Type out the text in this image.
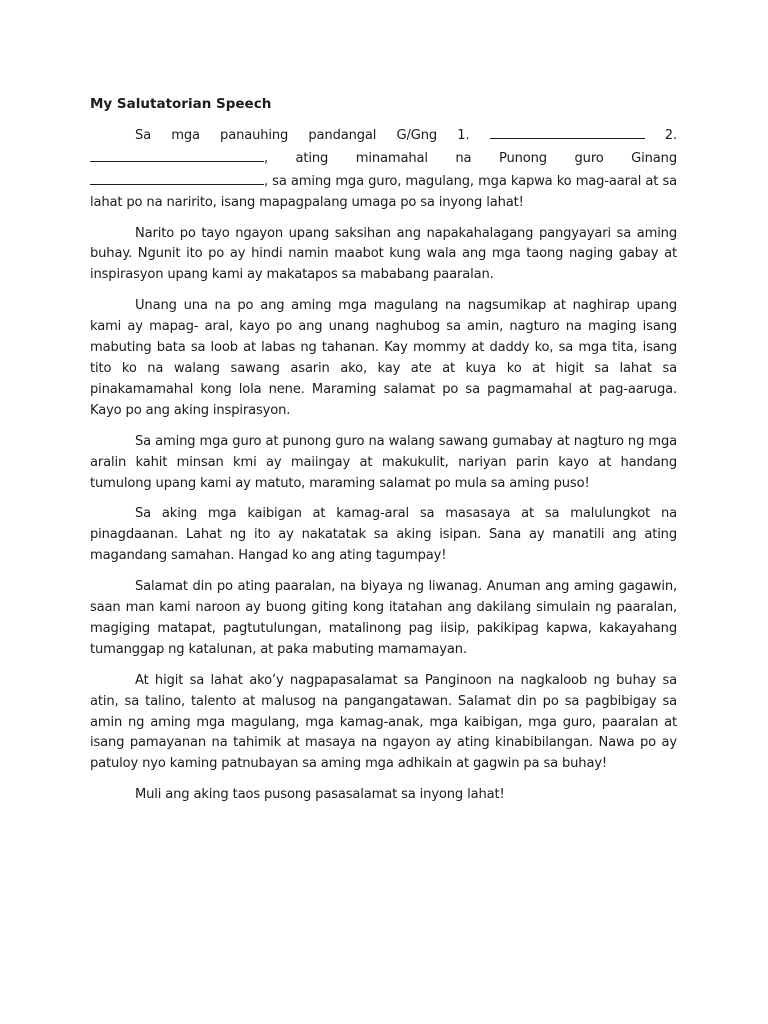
My Salutatorian Speech

Sa mga panauhing pandangal G/Gng 1.	2. , ating minamahal na Punong guro Ginang , sa aming mga guro, magulang, mga kapwa ko mag-aaral at sa lahat po na naririto, isang mapagpalang umaga po sa inyong lahat!

Narito po tayo ngayon upang saksihan ang napakahalagang pangyayari sa aming buhay. Ngunit ito po ay hindi namin maabot kung wala ang mga taong naging gabay at inspirasyon upang kami ay makatapos sa mababang paaralan.

Unang una na po ang aming mga magulang na nagsumikap at naghirap upang kami ay mapag- aral, kayo po ang unang naghubog sa amin, nagturo na maging isang mabuting bata sa loob at labas ng tahanan. Kay mommy at daddy ko, sa mga tita, isang tito ko na walang sawang asarin ako, kay ate at kuya ko at higit sa lahat sa pinakamamahal kong lola nene. Maraming salamat po sa pagmamahal at pag-aaruga. Kayo po ang aking inspirasyon.

Sa aming mga guro at punong guro na walang sawang gumabay at nagturo ng mga aralin kahit minsan kmi ay maiingay at makukulit, nariyan parin kayo at handang tumulong upang kami ay matuto, maraming salamat po mula sa aming puso!

Sa aking mga kaibigan at kamag-aral sa masasaya at sa malulungkot na pinagdaanan. Lahat ng ito ay nakatatak sa aking isipan. Sana ay manatili ang ating magandang samahan. Hangad ko ang ating tagumpay!

Salamat din po ating paaralan, na biyaya ng liwanag. Anuman ang aming gagawin, saan man kami naroon ay buong giting kong itatahan ang dakilang simulain ng paaralan, magiging matapat, pagtutulungan, matalinong pag iisip, pakikipag kapwa, kakayahang tumanggap ng katalunan, at paka mabuting mamamayan.

At higit sa lahat ako’y nagpapasalamat sa Panginoon na nagkaloob ng buhay sa atin, sa talino, talento at malusog na pangangatawan. Salamat din po sa pagbibigay sa amin ng aming mga magulang, mga kamag-anak, mga kaibigan, mga guro, paaralan at isang pamayanan na tahimik at masaya na ngayon ay ating kinabibilangan. Nawa po ay patuloy nyo kaming patnubayan sa aming mga adhikain at gagwin pa sa buhay!

Muli ang aking taos pusong pasasalamat sa inyong lahat!
